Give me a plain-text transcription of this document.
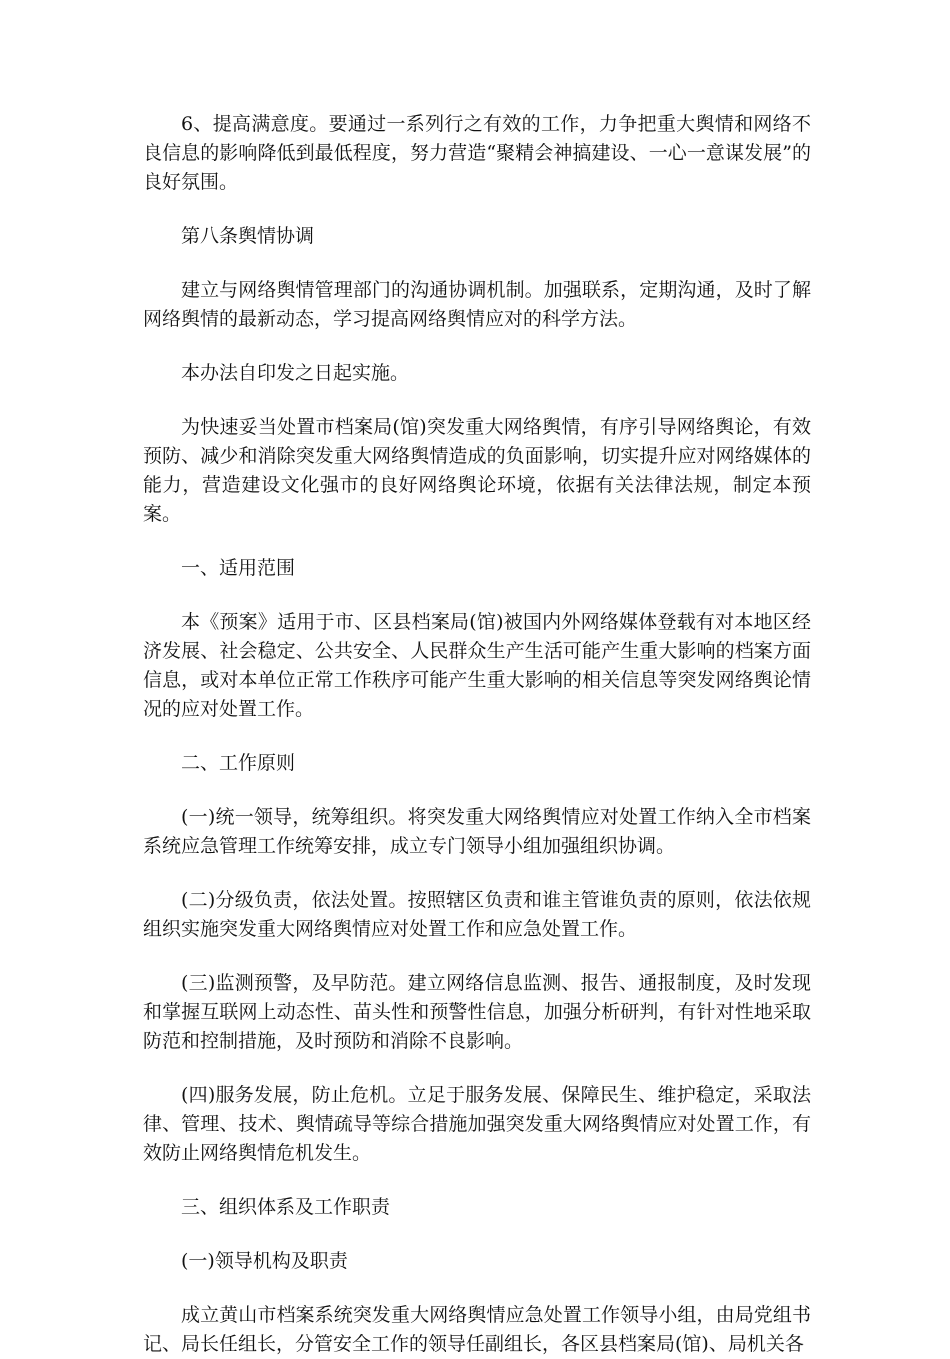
6、提高满意度。要通过一系列行之有效的工作，力争把重大舆情和网络不良信息的影响降低到最低程度，努力营造“聚精会神搞建设、一心一意谋发展”的良好氛围。

第八条舆情协调

建立与网络舆情管理部门的沟通协调机制。加强联系，定期沟通，及时了解网络舆情的最新动态，学习提高网络舆情应对的科学方法。

本办法自印发之日起实施。

为快速妥当处置市档案局(馆)突发重大网络舆情，有序引导网络舆论，有效预防、减少和消除突发重大网络舆情造成的负面影响，切实提升应对网络媒体的能力，营造建设文化强市的良好网络舆论环境，依据有关法律法规，制定本预案。

一、适用范围

本《预案》适用于市、区县档案局(馆)被国内外网络媒体登载有对本地区经济发展、社会稳定、公共安全、人民群众生产生活可能产生重大影响的档案方面信息，或对本单位正常工作秩序可能产生重大影响的相关信息等突发网络舆论情况的应对处置工作。

二、工作原则

(一)统一领导，统筹组织。将突发重大网络舆情应对处置工作纳入全市档案系统应急管理工作统筹安排，成立专门领导小组加强组织协调。

(二)分级负责，依法处置。按照辖区负责和谁主管谁负责的原则，依法依规组织实施突发重大网络舆情应对处置工作和应急处置工作。

(三)监测预警，及早防范。建立网络信息监测、报告、通报制度，及时发现和掌握互联网上动态性、苗头性和预警性信息，加强分析研判，有针对性地采取防范和控制措施，及时预防和消除不良影响。

(四)服务发展，防止危机。立足于服务发展、保障民生、维护稳定，采取法律、管理、技术、舆情疏导等综合措施加强突发重大网络舆情应对处置工作，有效防止网络舆情危机发生。

三、组织体系及工作职责

(一)领导机构及职责

成立黄山市档案系统突发重大网络舆情应急处置工作领导小组，由局党组书记、局长任组长，分管安全工作的领导任副组长，各区县档案局(馆)、局机关各
